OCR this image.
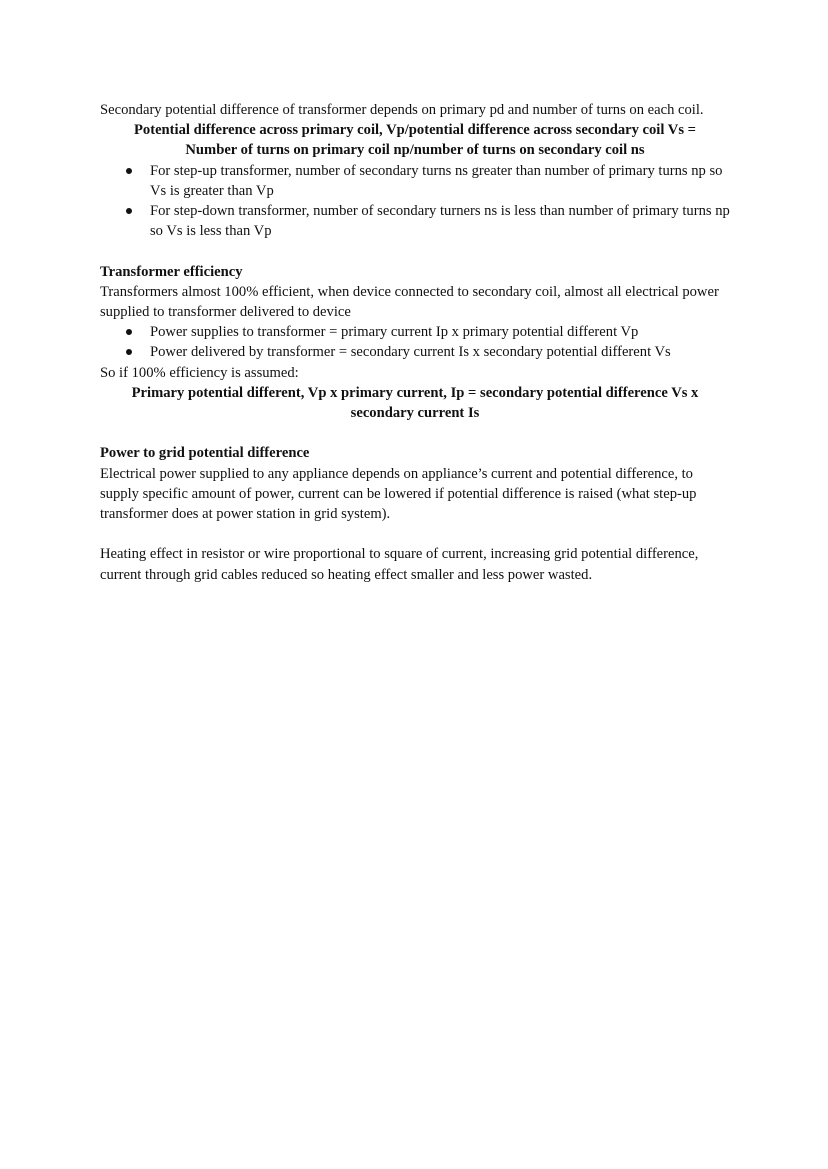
Secondary potential difference of transformer depends on primary pd and number of turns on each coil.

Potential difference across primary coil, Vp/potential difference across secondary coil Vs =

Number of turns on primary coil np/number of turns on secondary coil ns

For step-up transformer, number of secondary turns ns greater than number of primary turns np so Vs is greater than Vp
For step-down transformer, number of secondary turners ns is less than number of primary turns np so Vs is less than Vp

Transformer efficiency

Transformers almost 100% efficient, when device connected to secondary coil, almost all electrical power supplied to transformer delivered to device

Power supplies to transformer = primary current Ip x primary potential different Vp
Power delivered by transformer = secondary current Is x secondary potential different Vs

So if 100% efficiency is assumed:

Primary potential different, Vp x primary current, Ip = secondary potential difference Vs x

secondary current Is

Power to grid potential difference

Electrical power supplied to any appliance depends on appliance’s current and potential difference, to supply specific amount of power, current can be lowered if potential difference is raised (what step-up transformer does at power station in grid system).

Heating effect in resistor or wire proportional to square of current, increasing grid potential difference, current through grid cables reduced so heating effect smaller and less power wasted.
